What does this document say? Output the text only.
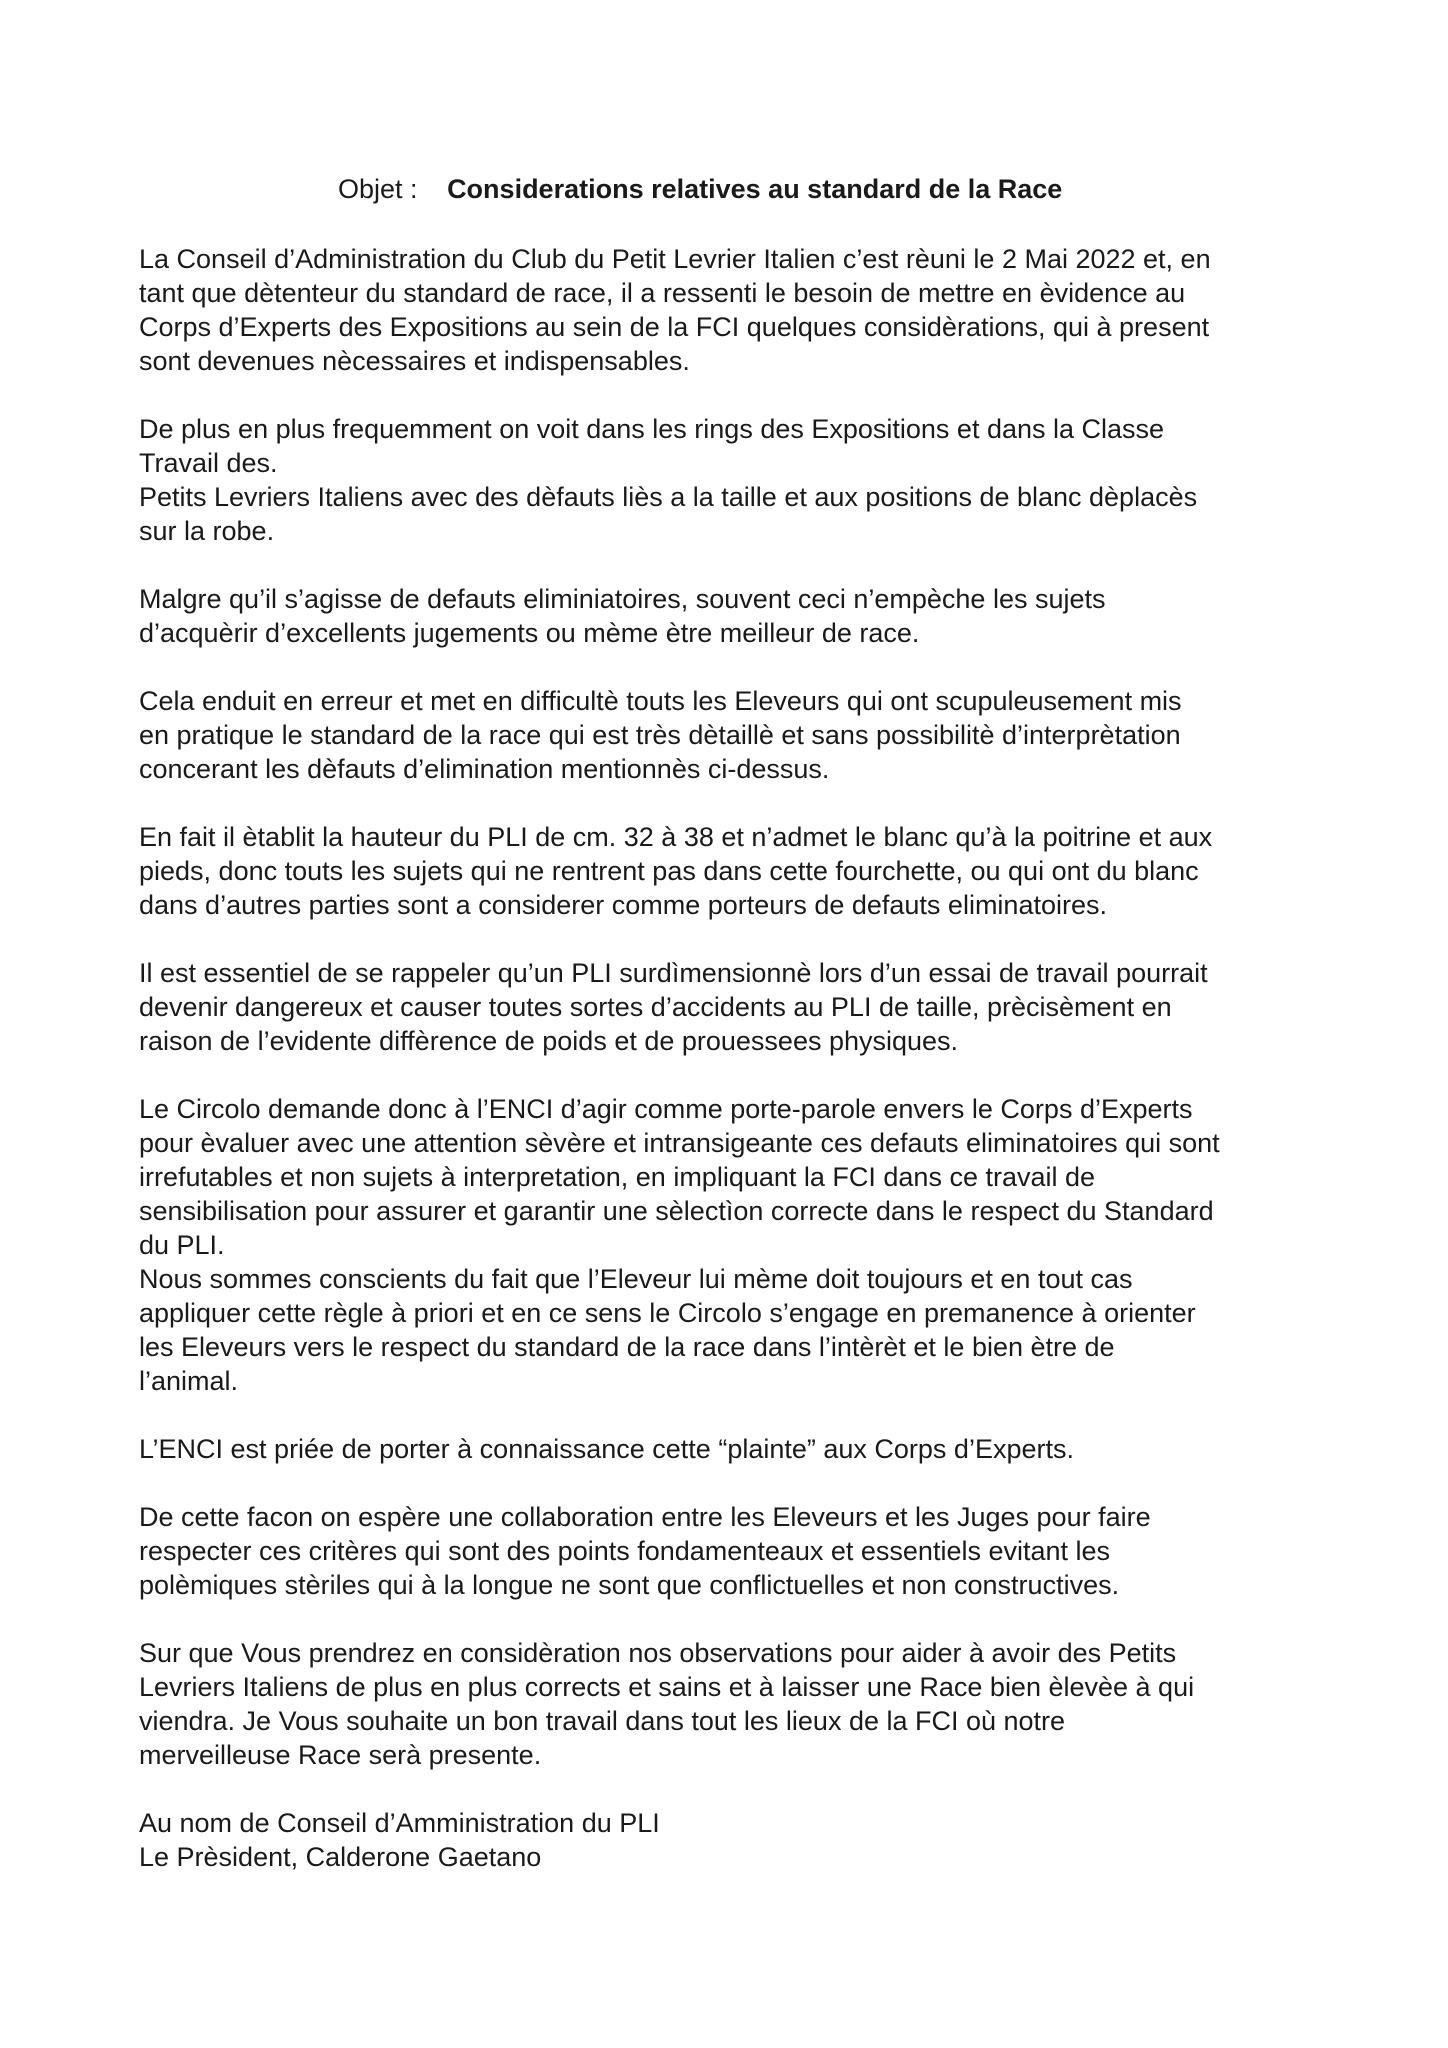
Objet : Considerations relatives au standard de la Race
La Conseil d’Administration du Club du Petit Levrier Italien c’est rèuni le 2 Mai 2022 et, en
tant que dètenteur du standard de race, il a ressenti le besoin de mettre en èvidence au
Corps d’Experts des Expositions au sein de la FCI quelques considèrations, qui à present
sont devenues nècessaires et indispensables.
De plus en plus frequemment on voit dans les rings des Expositions et dans la Classe
Travail des.
Petits Levriers Italiens avec des dèfauts liès a la taille et aux positions de blanc dèplacès
sur la robe.
Malgre qu’il s’agisse de defauts eliminiatoires, souvent ceci n’empèche les sujets
d’acquèrir d’excellents jugements ou mème ètre meilleur de race.
Cela enduit en erreur et met en difficultè touts les Eleveurs qui ont scupuleusement mis
en pratique le standard de la race qui est très dètaillè et sans possibilitè d’interprètation
concerant les dèfauts d’elimination mentionnès ci-dessus.
En fait il ètablit la hauteur du PLI de cm. 32 à 38 et n’admet le blanc qu’à la poitrine et aux
pieds, donc touts les sujets qui ne rentrent pas dans cette fourchette, ou qui ont du blanc
dans d’autres parties sont a considerer comme porteurs de defauts eliminatoires.
Il est essentiel de se rappeler qu’un PLI surdìmensionnè lors d’un essai de travail pourrait
devenir dangereux et causer toutes sortes d’accidents au PLI de taille, prècisèment en
raison de l’evidente diffèrence de poids et de prouessees physiques.
Le Circolo demande donc à l’ENCI d’agir comme porte-parole envers le Corps d’Experts
pour èvaluer avec une attention sèvère et intransigeante ces defauts eliminatoires qui sont
irrefutables et non sujets à interpretation, en impliquant la FCI dans ce travail de
sensibilisation pour assurer et garantir une sèlectìon correcte dans le respect du Standard
du PLI.
Nous sommes conscients du fait que l’Eleveur lui mème doit toujours et en tout cas
appliquer cette règle à priori et en ce sens le Circolo s’engage en premanence à orienter
les Eleveurs vers le respect du standard de la race dans l’intèrèt et le bien ètre de
l’animal.
L’ENCI est priée de porter à connaissance cette “plainte” aux Corps d’Experts.
De cette facon on espère une collaboration entre les Eleveurs et les Juges pour faire
respecter ces critères qui sont des points fondamenteaux et essentiels evitant les
polèmiques stèriles qui à la longue ne sont que conflictuelles et non constructives.
Sur que Vous prendrez en considèration nos observations pour aider à avoir des Petits
Levriers Italiens de plus en plus corrects et sains et à laisser une Race bien èlevèe à qui
viendra. Je Vous souhaite un bon travail dans tout les lieux de la FCI où notre
merveilleuse Race serà presente.
Au nom de Conseil d’Amministration du PLI
Le Prèsident, Calderone Gaetano
